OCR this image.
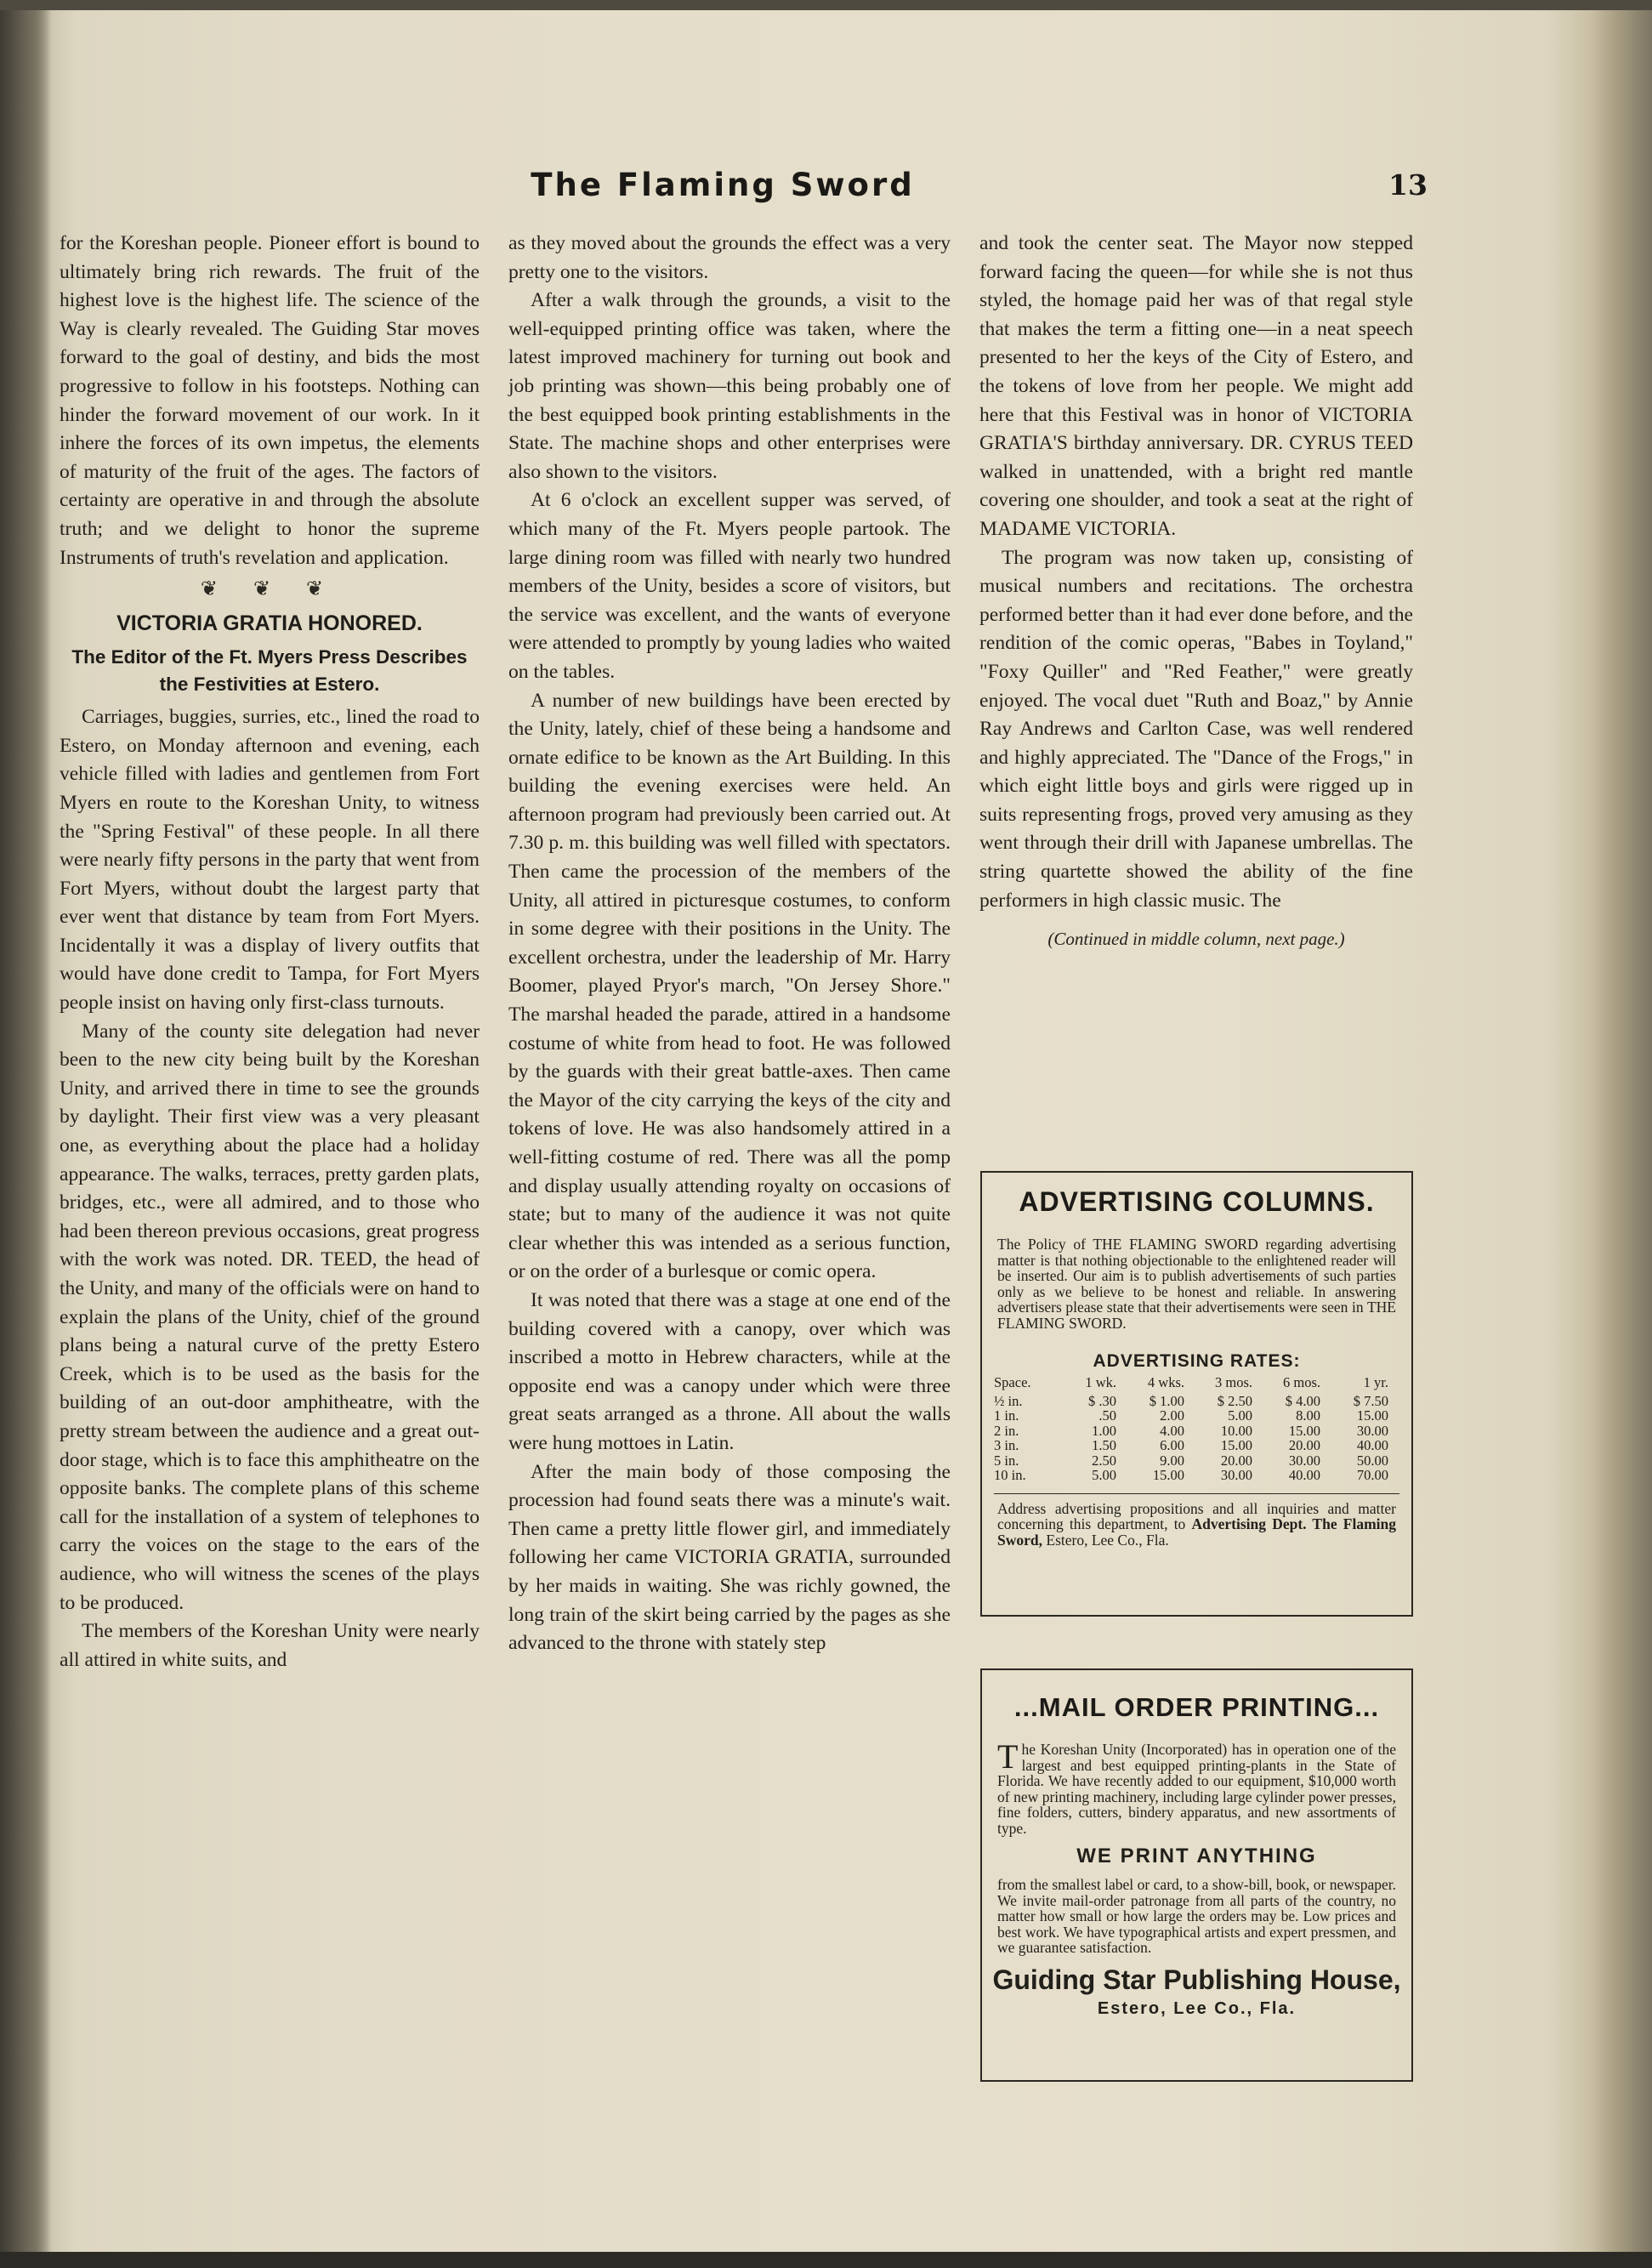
The Flaming Sword	13

for the Koreshan people. Pioneer effort is bound to ultimately bring rich rewards. The fruit of the highest love is the highest life. The science of the Way is clearly revealed. The Guiding Star moves forward to the goal of destiny, and bids the most progressive to follow in his footsteps. Nothing can hinder the forward movement of our work. In it inhere the forces of its own impetus, the elements of maturity of the fruit of the ages. The factors of certainty are operative in and through the absolute truth; and we delight to honor the supreme Instruments of truth's revelation and application.

❦ ❦ ❦
VICTORIA GRATIA HONORED.
The Editor of the Ft. Myers Press Describes the Festivities at Estero.

Carriages, buggies, surries, etc., lined the road to Estero, on Monday afternoon and evening, each vehicle filled with ladies and gentlemen from Fort Myers en route to the Koreshan Unity, to witness the "Spring Festival" of these people. In all there were nearly fifty persons in the party that went from Fort Myers, without doubt the largest party that ever went that distance by team from Fort Myers. Incidentally it was a display of livery outfits that would have done credit to Tampa, for Fort Myers people insist on having only first-class turnouts.

Many of the county site delegation had never been to the new city being built by the Koreshan Unity, and arrived there in time to see the grounds by daylight. Their first view was a very pleasant one, as everything about the place had a holiday appearance. The walks, terraces, pretty garden plats, bridges, etc., were all admired, and to those who had been thereon previous occasions, great progress with the work was noted. DR. TEED, the head of the Unity, and many of the officials were on hand to explain the plans of the Unity, chief of the ground plans being a natural curve of the pretty Estero Creek, which is to be used as the basis for the building of an out-door amphitheatre, with the pretty stream between the audience and a great out-door stage, which is to face this amphitheatre on the opposite banks. The complete plans of this scheme call for the installation of a system of telephones to carry the voices on the stage to the ears of the audience, who will witness the scenes of the plays to be produced.

The members of the Koreshan Unity were nearly all attired in white suits, and

as they moved about the grounds the effect was a very pretty one to the visitors.

After a walk through the grounds, a visit to the well-equipped printing office was taken, where the latest improved machinery for turning out book and job printing was shown—this being probably one of the best equipped book printing establishments in the State. The machine shops and other enterprises were also shown to the visitors.

At 6 o'clock an excellent supper was served, of which many of the Ft. Myers people partook. The large dining room was filled with nearly two hundred members of the Unity, besides a score of visitors, but the service was excellent, and the wants of everyone were attended to promptly by young ladies who waited on the tables.

A number of new buildings have been erected by the Unity, lately, chief of these being a handsome and ornate edifice to be known as the Art Building. In this building the evening exercises were held. An afternoon program had previously been carried out. At 7.30 p. m. this building was well filled with spectators. Then came the procession of the members of the Unity, all attired in picturesque costumes, to conform in some degree with their positions in the Unity. The excellent orchestra, under the leadership of Mr. Harry Boomer, played Pryor's march, "On Jersey Shore." The marshal headed the parade, attired in a handsome costume of white from head to foot. He was followed by the guards with their great battle-axes. Then came the Mayor of the city carrying the keys of the city and tokens of love. He was also handsomely attired in a well-fitting costume of red. There was all the pomp and display usually attending royalty on occasions of state; but to many of the audience it was not quite clear whether this was intended as a serious function, or on the order of a burlesque or comic opera.

It was noted that there was a stage at one end of the building covered with a canopy, over which was inscribed a motto in Hebrew characters, while at the opposite end was a canopy under which were three great seats arranged as a throne. All about the walls were hung mottoes in Latin.

After the main body of those composing the procession had found seats there was a minute's wait. Then came a pretty little flower girl, and immediately following her came VICTORIA GRATIA, surrounded by her maids in waiting. She was richly gowned, the long train of the skirt being carried by the pages as she advanced to the throne with stately step

and took the center seat. The Mayor now stepped forward facing the queen—for while she is not thus styled, the homage paid her was of that regal style that makes the term a fitting one—in a neat speech presented to her the keys of the City of Estero, and the tokens of love from her people. We might add here that this Festival was in honor of VICTORIA GRATIA'S birthday anniversary. DR. CYRUS TEED walked in unattended, with a bright red mantle covering one shoulder, and took a seat at the right of MADAME VICTORIA.

The program was now taken up, consisting of musical numbers and recitations. The orchestra performed better than it had ever done before, and the rendition of the comic operas, "Babes in Toyland," "Foxy Quiller" and "Red Feather," were greatly enjoyed. The vocal duet "Ruth and Boaz," by Annie Ray Andrews and Carlton Case, was well rendered and highly appreciated. The "Dance of the Frogs," in which eight little boys and girls were rigged up in suits representing frogs, proved very amusing as they went through their drill with Japanese umbrellas. The string quartette showed the ability of the fine performers in high classic music. The

(Continued in middle column, next page.)
ADVERTISING COLUMNS.
The Policy of THE FLAMING SWORD regarding advertising matter is that nothing objectionable to the enlightened reader will be inserted. Our aim is to publish advertisements of such parties only as we believe to be honest and reliable. In answering advertisers please state that their advertisements were seen in THE FLAMING SWORD.
ADVERTISING RATES:
Space.	1 wk.	4 wks.	3 mos.	6 mos.	1 yr.
½ in.	$ .30	$ 1.00	$ 2.50	$ 4.00	$ 7.50
1 in.	.50	2.00	5.00	8.00	15.00
2 in.	1.00	4.00	10.00	15.00	30.00
3 in.	1.50	6.00	15.00	20.00	40.00
5 in.	2.50	9.00	20.00	30.00	50.00
10 in.	5.00	15.00	30.00	40.00	70.00
Address advertising propositions and all inquiries and matter concerning this department, to Advertising Dept. The Flaming Sword, Estero, Lee Co., Fla.
...MAIL ORDER PRINTING...
The Koreshan Unity (Incorporated) has in operation one of the largest and best equipped printing-plants in the State of Florida. We have recently added to our equipment, $10,000 worth of new printing machinery, including large cylinder power presses, fine folders, cutters, bindery apparatus, and new assortments of type.
WE PRINT ANYTHING
from the smallest label or card, to a show-bill, book, or newspaper. We invite mail-order patronage from all parts of the country, no matter how small or how large the orders may be. Low prices and best work. We have typographical artists and expert pressmen, and we guarantee satisfaction.
Guiding Star Publishing House,
Estero, Lee Co., Fla.
